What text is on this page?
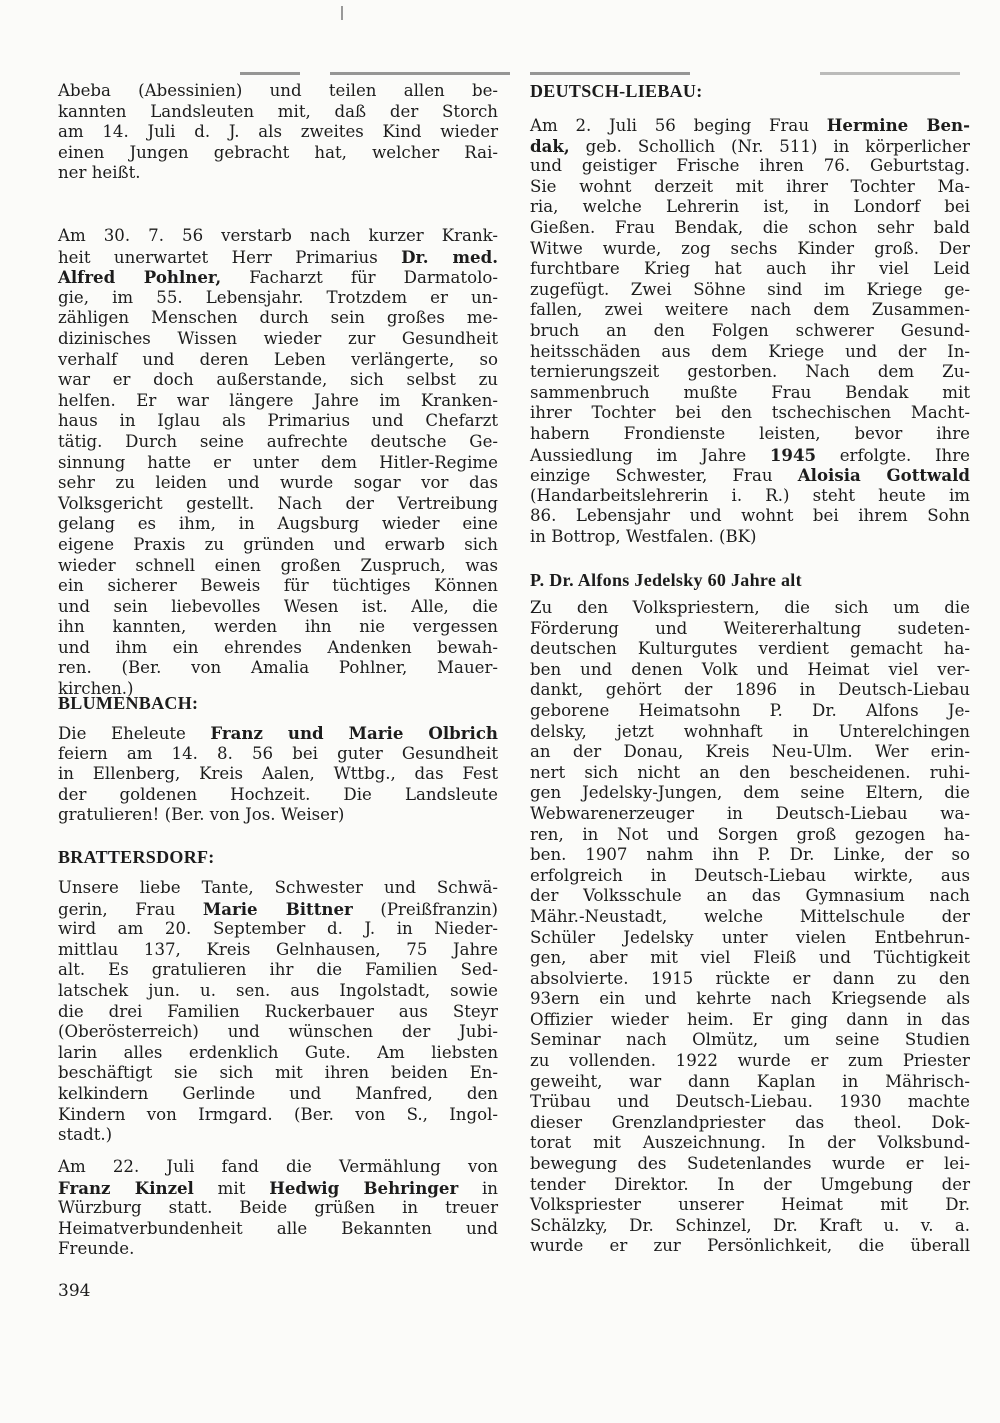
Abeba (Abessinien) und teilen allen be-
kannten Landsleuten mit, daß der Storch
am 14. Juli d. J. als zweites Kind wieder
einen Jungen gebracht hat, welcher Rai-
ner heißt.
Am 30. 7. 56 verstarb nach kurzer Krank-
heit unerwartet Herr Primarius Dr. med.
Alfred Pohlner, Facharzt für Darmatolo-
gie, im 55. Lebensjahr. Trotzdem er un-
zähligen Menschen durch sein großes me-
dizinisches Wissen wieder zur Gesundheit
verhalf und deren Leben verlängerte, so
war er doch außerstande, sich selbst zu
helfen. Er war längere Jahre im Kranken-
haus in Iglau als Primarius und Chefarzt
tätig. Durch seine aufrechte deutsche Ge-
sinnung hatte er unter dem Hitler-Regime
sehr zu leiden und wurde sogar vor das
Volksgericht gestellt. Nach der Vertreibung
gelang es ihm, in Augsburg wieder eine
eigene Praxis zu gründen und erwarb sich
wieder schnell einen großen Zuspruch, was
ein sicherer Beweis für tüchtiges Können
und sein liebevolles Wesen ist. Alle, die
ihn kannten, werden ihn nie vergessen
und ihm ein ehrendes Andenken bewah-
ren. (Ber. von Amalia Pohlner, Mauer-
kirchen.)
BLUMENBACH:
Die Eheleute Franz und Marie Olbrich
feiern am 14. 8. 56 bei guter Gesundheit
in Ellenberg, Kreis Aalen, Wttbg., das Fest
der goldenen Hochzeit. Die Landsleute
gratulieren! (Ber. von Jos. Weiser)
BRATTERSDORF:
Unsere liebe Tante, Schwester und Schwä-
gerin, Frau Marie Bittner (Preißfranzin)
wird am 20. September d. J. in Nieder-
mittlau 137, Kreis Gelnhausen, 75 Jahre
alt. Es gratulieren ihr die Familien Sed-
latschek jun. u. sen. aus Ingolstadt, sowie
die drei Familien Ruckerbauer aus Steyr
(Oberösterreich) und wünschen der Jubi-
larin alles erdenklich Gute. Am liebsten
beschäftigt sie sich mit ihren beiden En-
kelkindern Gerlinde und Manfred, den
Kindern von Irmgard. (Ber. von S., Ingol-
stadt.)
Am 22. Juli fand die Vermählung von
Franz Kinzel mit Hedwig Behringer in
Würzburg statt. Beide grüßen in treuer
Heimatverbundenheit alle Bekannten und
Freunde.
DEUTSCH-LIEBAU:
Am 2. Juli 56 beging Frau Hermine Ben-
dak, geb. Schollich (Nr. 511) in körperlicher
und geistiger Frische ihren 76. Geburtstag.
Sie wohnt derzeit mit ihrer Tochter Ma-
ria, welche Lehrerin ist, in Londorf bei
Gießen. Frau Bendak, die schon sehr bald
Witwe wurde, zog sechs Kinder groß. Der
furchtbare Krieg hat auch ihr viel Leid
zugefügt. Zwei Söhne sind im Kriege ge-
fallen, zwei weitere nach dem Zusammen-
bruch an den Folgen schwerer Gesund-
heitsschäden aus dem Kriege und der In-
ternierungszeit gestorben. Nach dem Zu-
sammenbruch mußte Frau Bendak mit
ihrer Tochter bei den tschechischen Macht-
habern Frondienste leisten, bevor ihre
Aussiedlung im Jahre 1945 erfolgte. Ihre
einzige Schwester, Frau Aloisia Gottwald
(Handarbeitslehrerin i. R.) steht heute im
86. Lebensjahr und wohnt bei ihrem Sohn
in Bottrop, Westfalen. (BK)
P. Dr. Alfons Jedelsky 60 Jahre alt
Zu den Volkspriestern, die sich um die
Förderung und Weitererhaltung sudeten-
deutschen Kulturgutes verdient gemacht ha-
ben und denen Volk und Heimat viel ver-
dankt, gehört der 1896 in Deutsch-Liebau
geborene Heimatsohn P. Dr. Alfons Je-
delsky, jetzt wohnhaft in Unterelchingen
an der Donau, Kreis Neu-Ulm. Wer erin-
nert sich nicht an den bescheidenen. ruhi-
gen Jedelsky-Jungen, dem seine Eltern, die
Webwarenerzeuger in Deutsch-Liebau wa-
ren, in Not und Sorgen groß gezogen ha-
ben. 1907 nahm ihn P. Dr. Linke, der so
erfolgreich in Deutsch-Liebau wirkte, aus
der Volksschule an das Gymnasium nach
Mähr.-Neustadt, welche Mittelschule der
Schüler Jedelsky unter vielen Entbehrun-
gen, aber mit viel Fleiß und Tüchtigkeit
absolvierte. 1915 rückte er dann zu den
93ern ein und kehrte nach Kriegsende als
Offizier wieder heim. Er ging dann in das
Seminar nach Olmütz, um seine Studien
zu vollenden. 1922 wurde er zum Priester
geweiht, war dann Kaplan in Mährisch-
Trübau und Deutsch-Liebau. 1930 machte
dieser Grenzlandpriester das theol. Dok-
torat mit Auszeichnung. In der Volksbund-
bewegung des Sudetenlandes wurde er lei-
tender Direktor. In der Umgebung der
Volkspriester unserer Heimat mit Dr.
Schälzky, Dr. Schinzel, Dr. Kraft u. v. a.
wurde er zur Persönlichkeit, die überall
394
